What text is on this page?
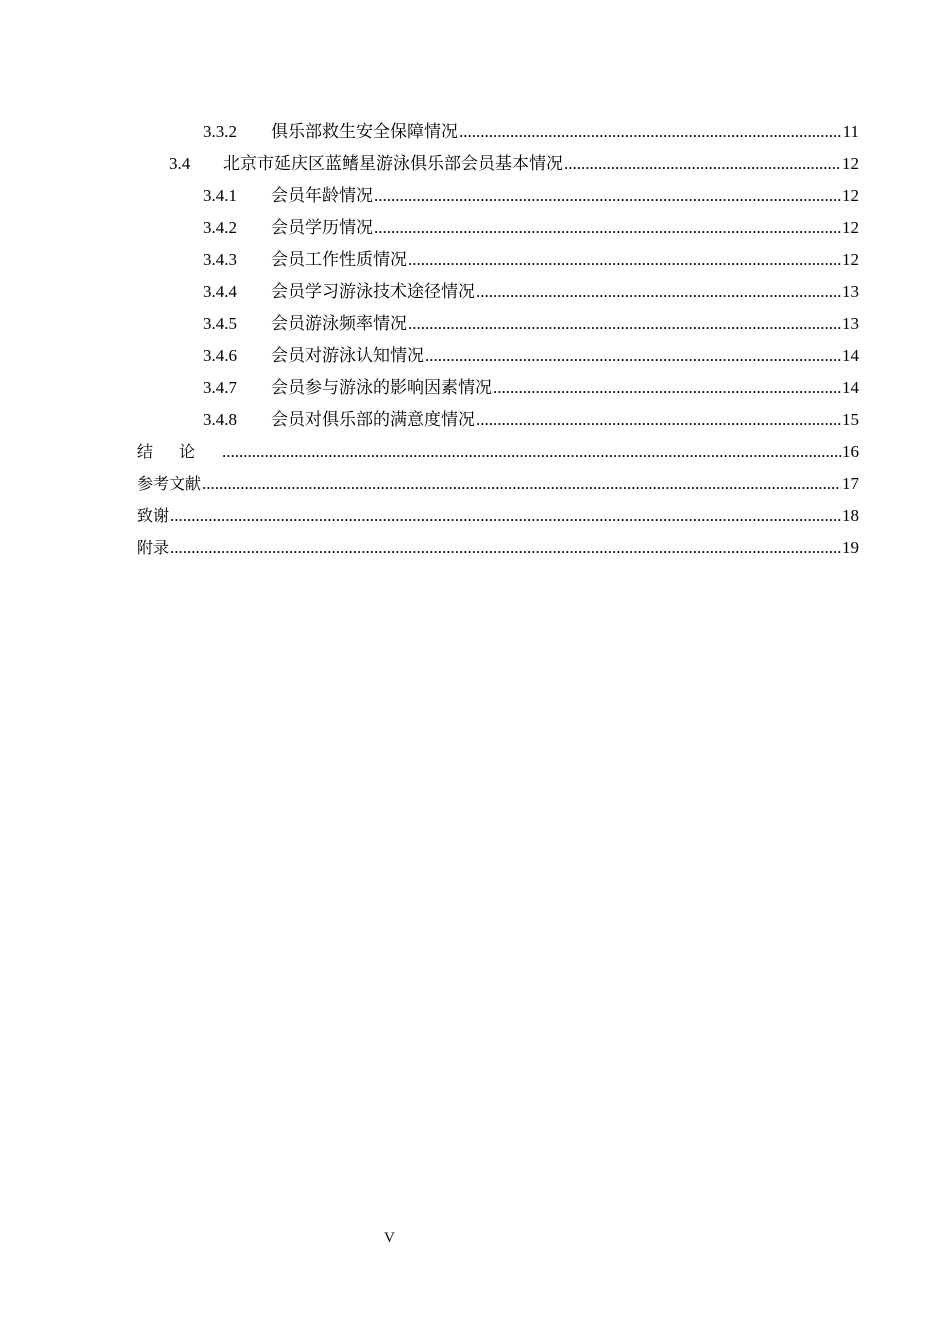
3.3.2	俱乐部救生安全保障情况 .....	11
3.4	北京市延庆区蓝鳍星游泳俱乐部会员基本情况 .....	12
3.4.1	会员年龄情况 .....	12
3.4.2	会员学历情况 .....	12
3.4.3	会员工作性质情况 .....	12
3.4.4	会员学习游泳技术途径情况 .....	13
3.4.5	会员游泳频率情况 .....	13
3.4.6	会员对游泳认知情况 .....	14
3.4.7	会员参与游泳的影响因素情况 .....	14
3.4.8	会员对俱乐部的满意度情况 .....	15
结论 .....	16
参考文献 .....	17
致谢 .....	18
附录 .....	19
V
